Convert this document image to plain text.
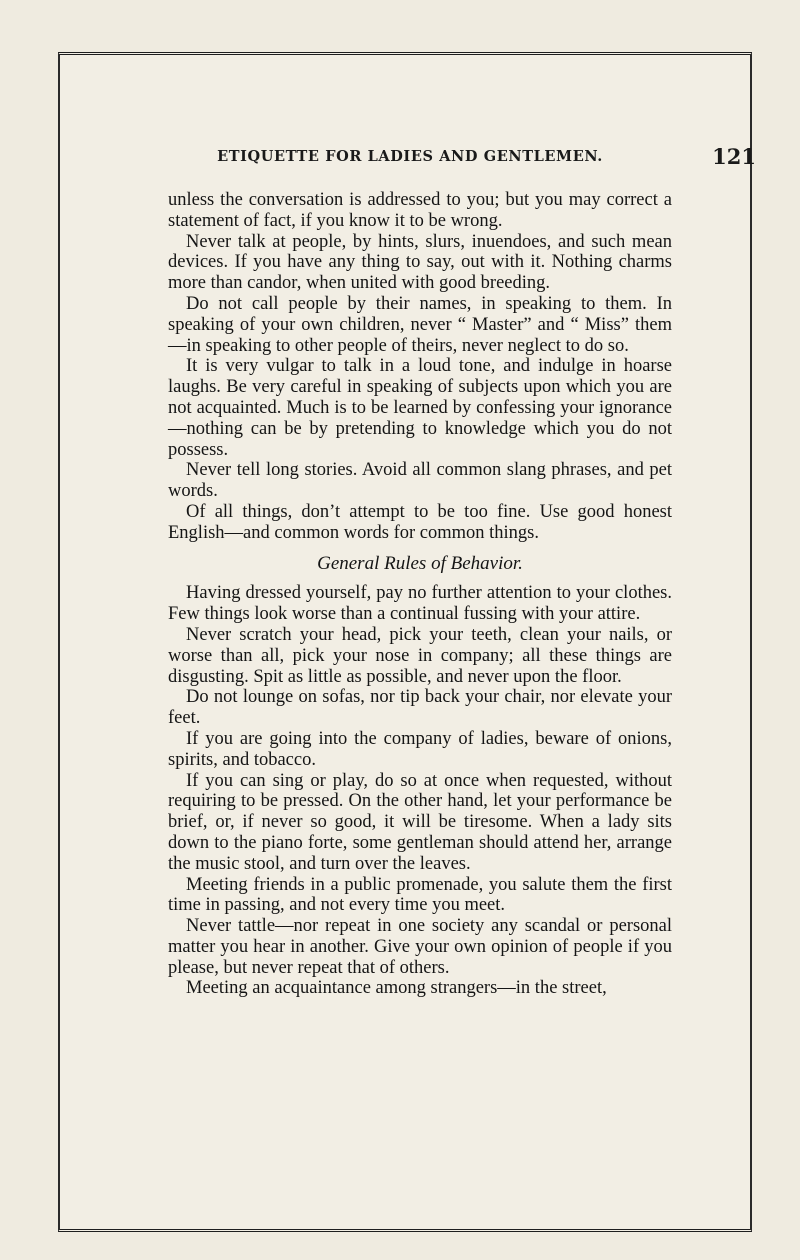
ETIQUETTE FOR LADIES AND GENTLEMEN.	121

unless the conversation is addressed to you; but you may correct a statement of fact, if you know it to be wrong.

Never talk at people, by hints, slurs, inuendoes, and such mean devices. If you have any thing to say, out with it. Nothing charms more than candor, when united with good breeding.

Do not call people by their names, in speaking to them. In speaking of your own children, never “ Master” and “ Miss” them—in speaking to other people of theirs, never neglect to do so.

It is very vulgar to talk in a loud tone, and indulge in hoarse laughs. Be very careful in speaking of subjects upon which you are not acquainted. Much is to be learned by confessing your ignorance—nothing can be by pretending to knowledge which you do not possess.

Never tell long stories. Avoid all common slang phrases, and pet words.

Of all things, don’t attempt to be too fine. Use good honest English—and common words for common things.

General Rules of Behavior.

Having dressed yourself, pay no further attention to your clothes. Few things look worse than a continual fussing with your attire.

Never scratch your head, pick your teeth, clean your nails, or worse than all, pick your nose in company; all these things are disgusting. Spit as little as possible, and never upon the floor.

Do not lounge on sofas, nor tip back your chair, nor elevate your feet.

If you are going into the company of ladies, beware of onions, spirits, and tobacco.

If you can sing or play, do so at once when requested, without requiring to be pressed. On the other hand, let your performance be brief, or, if never so good, it will be tiresome. When a lady sits down to the piano forte, some gentleman should attend her, arrange the music stool, and turn over the leaves.

Meeting friends in a public promenade, you salute them the first time in passing, and not every time you meet.

Never tattle—nor repeat in one society any scandal or personal matter you hear in another. Give your own opinion of people if you please, but never repeat that of others.

Meeting an acquaintance among strangers—in the street,
